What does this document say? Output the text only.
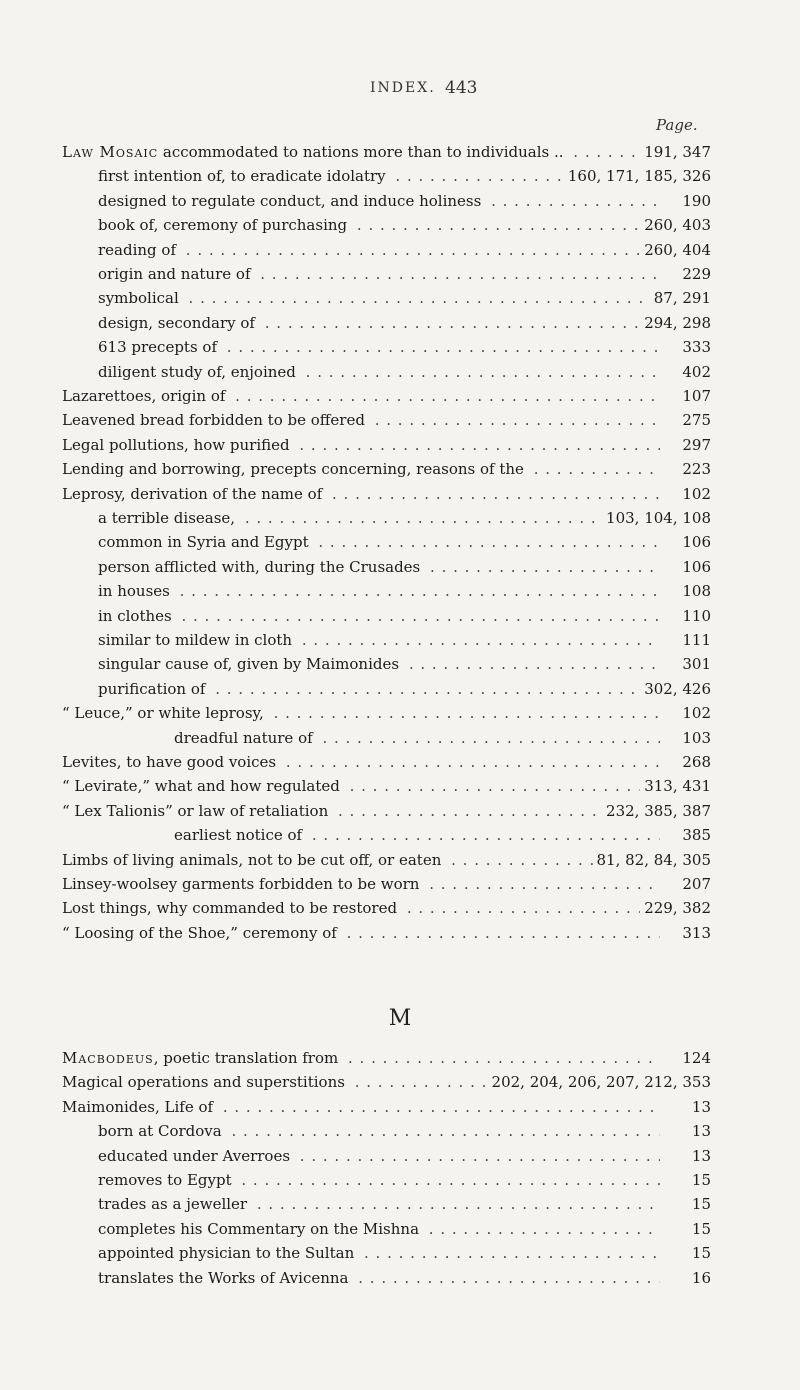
INDEX. 443
Page.
Law Mosaic accommodated to nations more than to individuals .. . . .	191, 347
first intention of, to eradicate idolatry . . .	160, 171, 185, 326
designed to regulate conduct, and induce holiness . . .	190
book of, ceremony of purchasing . . .	260, 403
reading of . . .	260, 404
origin and nature of . . .	229
symbolical . . .	87, 291
design, secondary of . . .	294, 298
613 precepts of . . .	333
diligent study of, enjoined . . .	402
Lazarettoes, origin of . . .	107
Leavened bread forbidden to be offered . . .	275
Legal pollutions, how purified . . .	297
Lending and borrowing, precepts concerning, reasons of the . . .	223
Leprosy, derivation of the name of . . .	102
a terrible disease, . . .	103, 104, 108
common in Syria and Egypt . . .	106
person afflicted with, during the Crusades . . .	106
in houses . . .	108
in clothes . . .	110
similar to mildew in cloth . . .	111
singular cause of, given by Maimonides . . .	301
purification of . . .	302, 426
“ Leuce,” or white leprosy, . . .	102
dreadful nature of . . .	103
Levites, to have good voices . . .	268
“ Levirate,” what and how regulated . . .	313, 431
“ Lex Talionis” or law of retaliation . . .	232, 385, 387
earliest notice of . . .	385
Limbs of living animals, not to be cut off, or eaten . . .	81, 82, 84, 305
Linsey-woolsey garments forbidden to be worn . . .	207
Lost things, why commanded to be restored . . .	229, 382
“ Loosing of the Shoe,” ceremony of . . .	313
M
Macbodeus, poetic translation from . . .	124
Magical operations and superstitions . . .	202, 204, 206, 207, 212, 353
Maimonides, Life of . . .	13
born at Cordova . . .	13
educated under Averroes . . .	13
removes to Egypt . . .	15
trades as a jeweller . . .	15
completes his Commentary on the Mishna . . .	15
appointed physician to the Sultan . . .	15
translates the Works of Avicenna . . .	16
